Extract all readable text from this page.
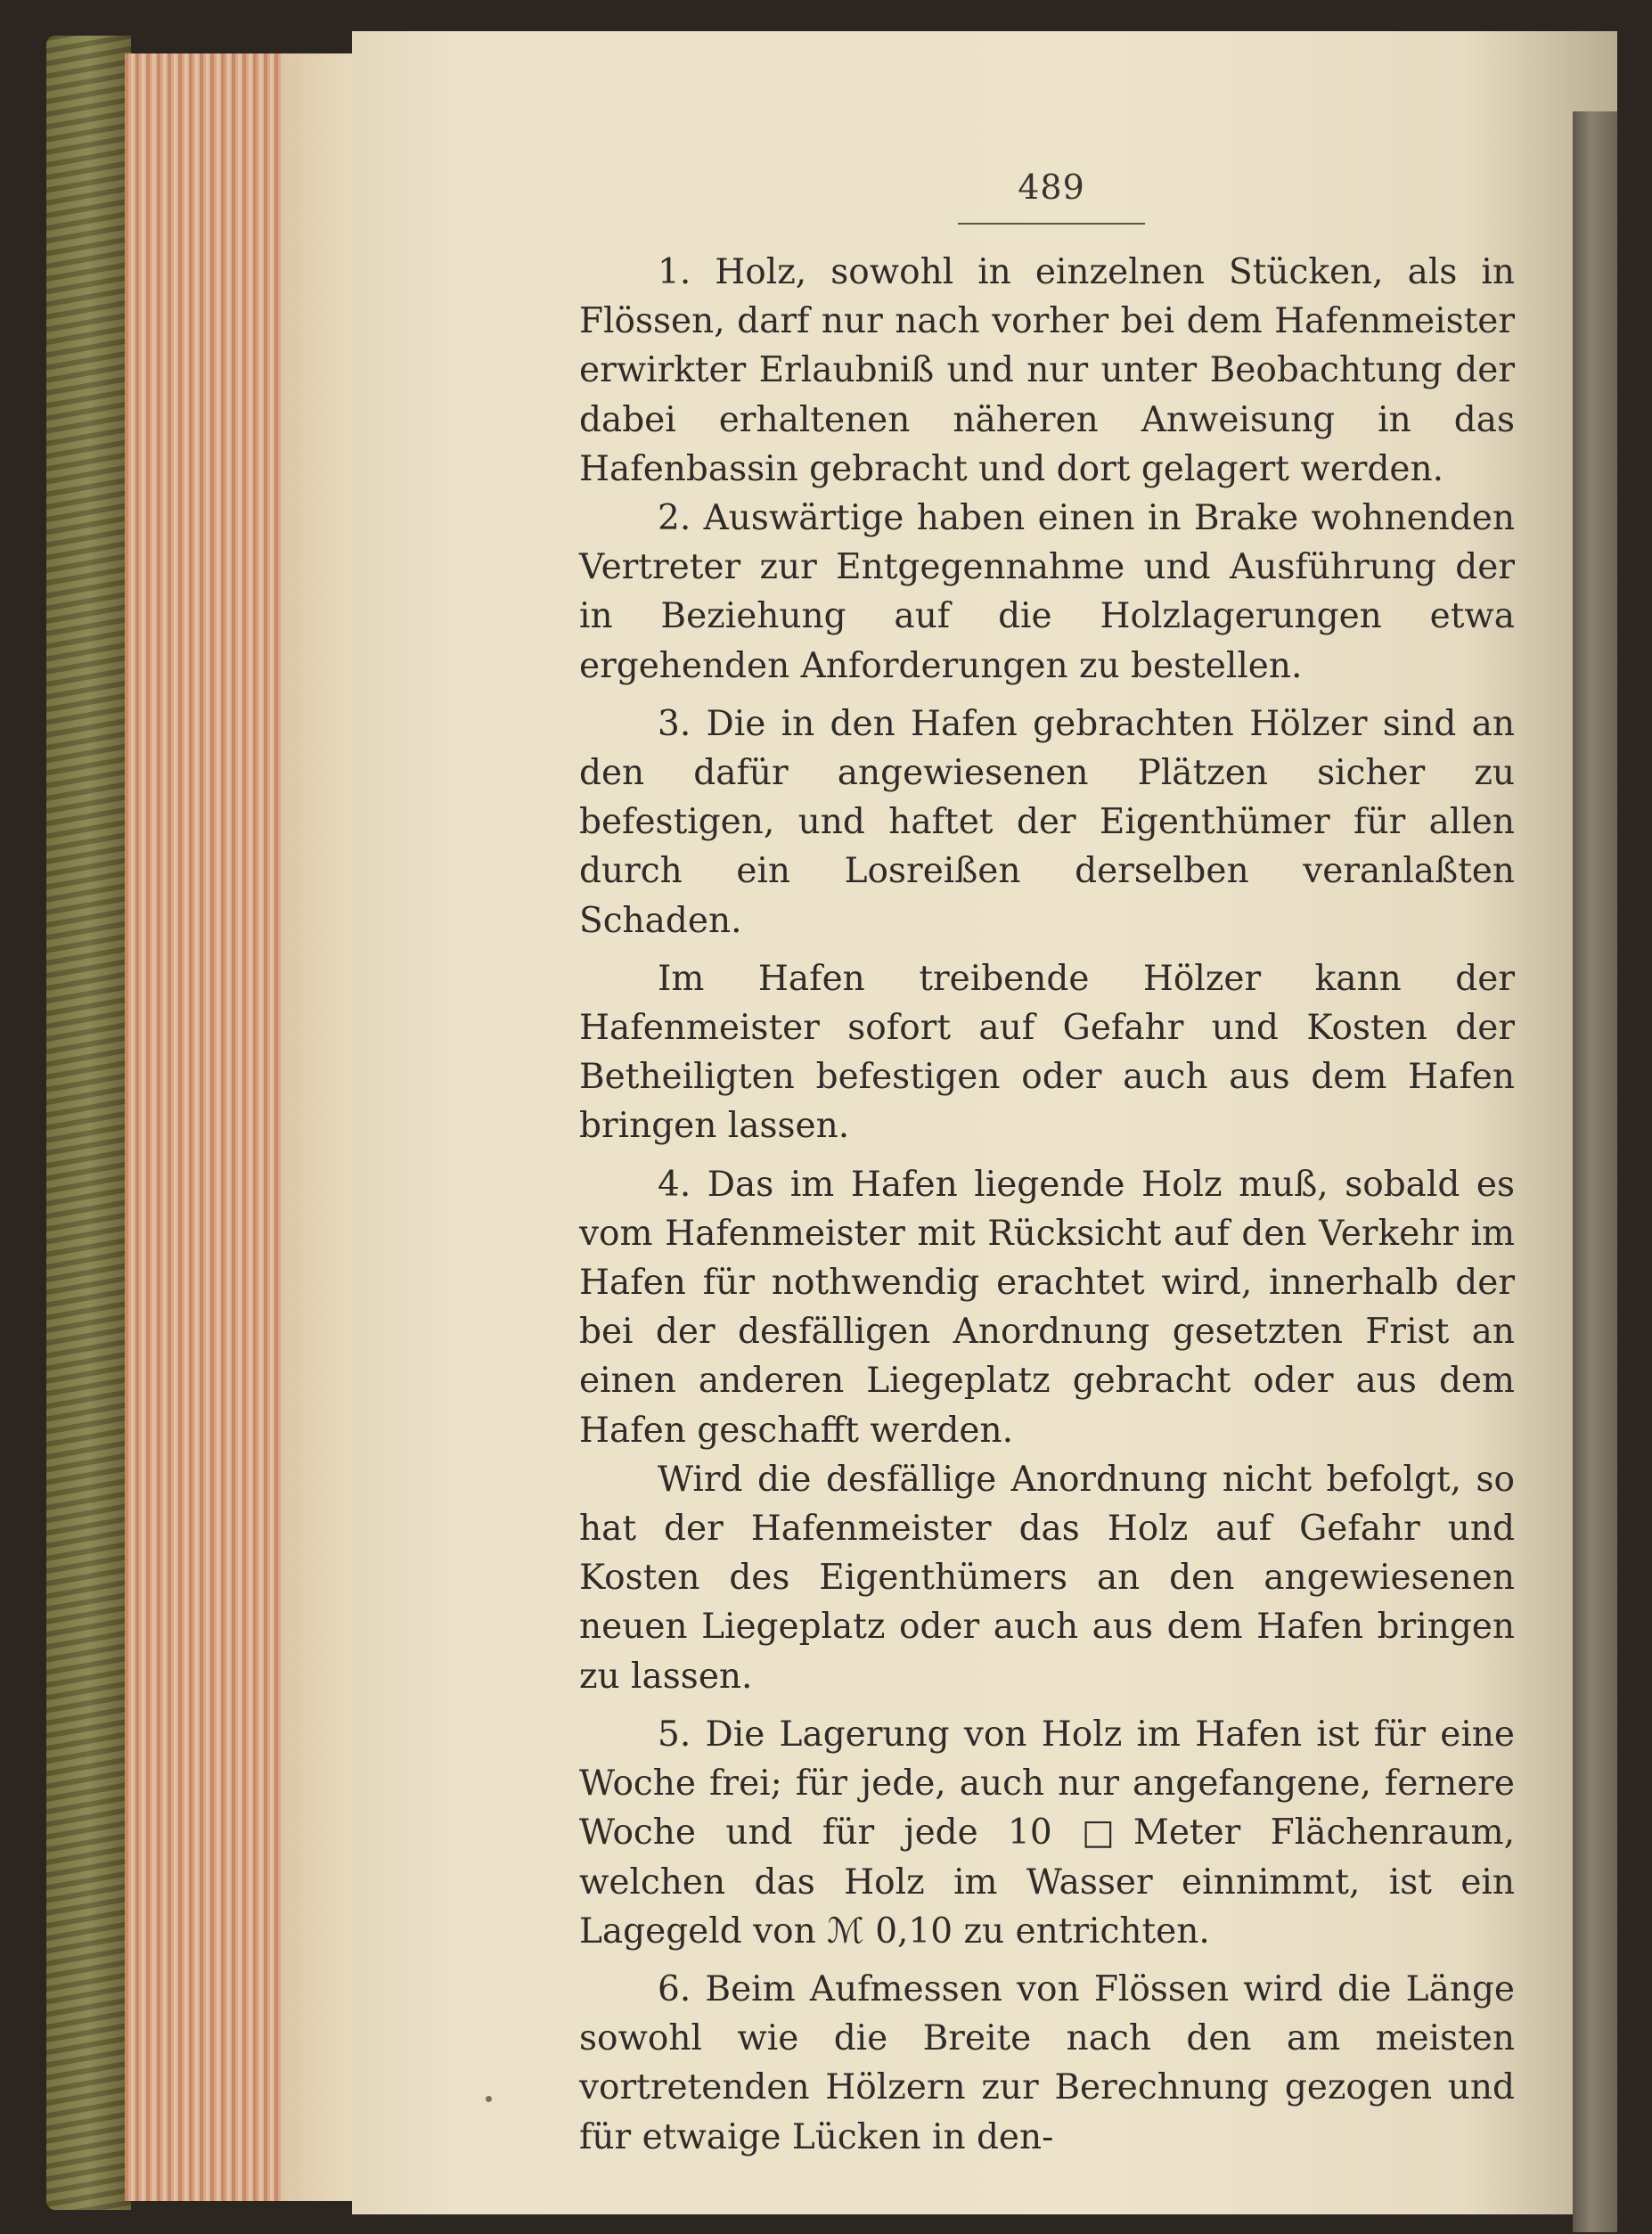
489

1. Holz, sowohl in einzelnen Stücken, als in Flössen, darf nur nach vorher bei dem Hafenmeister erwirkter Erlaubniß und nur unter Beobachtung der dabei erhaltenen näheren Anweisung in das Hafenbassin gebracht und dort gelagert werden.

2. Auswärtige haben einen in Brake wohnenden Vertreter zur Entgegennahme und Ausführung der in Beziehung auf die Holzlagerungen etwa ergehenden Anforderungen zu bestellen.

3. Die in den Hafen gebrachten Hölzer sind an den dafür angewiesenen Plätzen sicher zu befestigen, und haftet der Eigenthümer für allen durch ein Losreißen derselben veranlaßten Schaden.

Im Hafen treibende Hölzer kann der Hafenmeister sofort auf Gefahr und Kosten der Betheiligten befestigen oder auch aus dem Hafen bringen lassen.

4. Das im Hafen liegende Holz muß, sobald es vom Hafenmeister mit Rücksicht auf den Verkehr im Hafen für nothwendig erachtet wird, innerhalb der bei der desfälligen Anordnung gesetzten Frist an einen anderen Liegeplatz gebracht oder aus dem Hafen geschafft werden.

Wird die desfällige Anordnung nicht befolgt, so hat der Hafenmeister das Holz auf Gefahr und Kosten des Eigenthümers an den angewiesenen neuen Liegeplatz oder auch aus dem Hafen bringen zu lassen.

5. Die Lagerung von Holz im Hafen ist für eine Woche frei; für jede, auch nur angefangene, fernere Woche und für jede 10 □Meter Flächenraum, welchen das Holz im Wasser einnimmt, ist ein Lagegeld von ℳ 0,10 zu entrichten.

6. Beim Aufmessen von Flössen wird die Länge sowohl wie die Breite nach den am meisten vortretenden Hölzern zur Berechnung gezogen und für etwaige Lücken in den-
